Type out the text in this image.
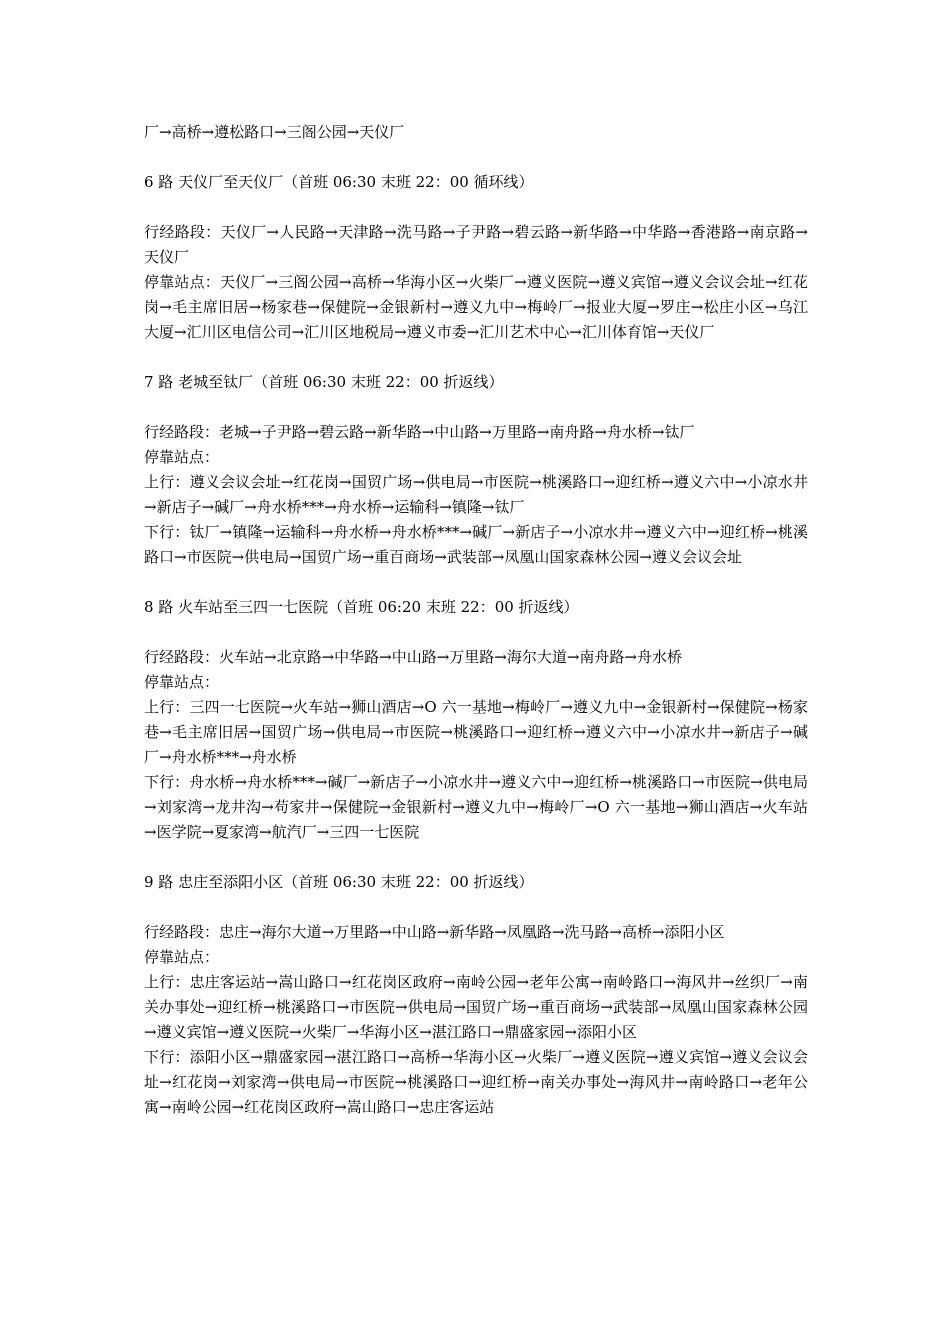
厂→高桥→遵松路口→三阁公园→天仪厂

6 路 天仪厂至天仪厂（首班 06:30 末班 22：00 循环线）

行经路段：天仪厂→人民路→天津路→洗马路→子尹路→碧云路→新华路→中华路→香港路→南京路→天仪厂

停靠站点：天仪厂→三阁公园→高桥→华海小区→火柴厂→遵义医院→遵义宾馆→遵义会议会址→红花岗→毛主席旧居→杨家巷→保健院→金银新村→遵义九中→梅岭厂→报业大厦→罗庄→松庄小区→乌江大厦→汇川区电信公司→汇川区地税局→遵义市委→汇川艺术中心→汇川体育馆→天仪厂

7 路 老城至钛厂（首班 06:30 末班 22：00 折返线）

行经路段：老城→子尹路→碧云路→新华路→中山路→万里路→南舟路→舟水桥→钛厂

停靠站点：

上行：遵义会议会址→红花岗→国贸广场→供电局→市医院→桃溪路口→迎红桥→遵义六中→小凉水井→新店子→碱厂→舟水桥***→舟水桥→运输科→镇隆→钛厂

下行：钛厂→镇隆→运输科→舟水桥→舟水桥***→碱厂→新店子→小凉水井→遵义六中→迎红桥→桃溪路口→市医院→供电局→国贸广场→重百商场→武装部→凤凰山国家森林公园→遵义会议会址

8 路 火车站至三四一七医院（首班 06:20 末班 22：00 折返线）

行经路段：火车站→北京路→中华路→中山路→万里路→海尔大道→南舟路→舟水桥

停靠站点：

上行：三四一七医院→火车站→狮山酒店→O 六一基地→梅岭厂→遵义九中→金银新村→保健院→杨家巷→毛主席旧居→国贸广场→供电局→市医院→桃溪路口→迎红桥→遵义六中→小凉水井→新店子→碱厂→舟水桥***→舟水桥

下行：舟水桥→舟水桥***→碱厂→新店子→小凉水井→遵义六中→迎红桥→桃溪路口→市医院→供电局→刘家湾→龙井沟→苟家井→保健院→金银新村→遵义九中→梅岭厂→O 六一基地→狮山酒店→火车站→医学院→夏家湾→航汽厂→三四一七医院

9 路 忠庄至添阳小区（首班 06:30 末班 22：00 折返线）

行经路段：忠庄→海尔大道→万里路→中山路→新华路→凤凰路→洗马路→高桥→添阳小区

停靠站点：

上行：忠庄客运站→嵩山路口→红花岗区政府→南岭公园→老年公寓→南岭路口→海风井→丝织厂→南关办事处→迎红桥→桃溪路口→市医院→供电局→国贸广场→重百商场→武装部→凤凰山国家森林公园→遵义宾馆→遵义医院→火柴厂→华海小区→湛江路口→鼎盛家园→添阳小区

下行：添阳小区→鼎盛家园→湛江路口→高桥→华海小区→火柴厂→遵义医院→遵义宾馆→遵义会议会址→红花岗→刘家湾→供电局→市医院→桃溪路口→迎红桥→南关办事处→海风井→南岭路口→老年公寓→南岭公园→红花岗区政府→嵩山路口→忠庄客运站
